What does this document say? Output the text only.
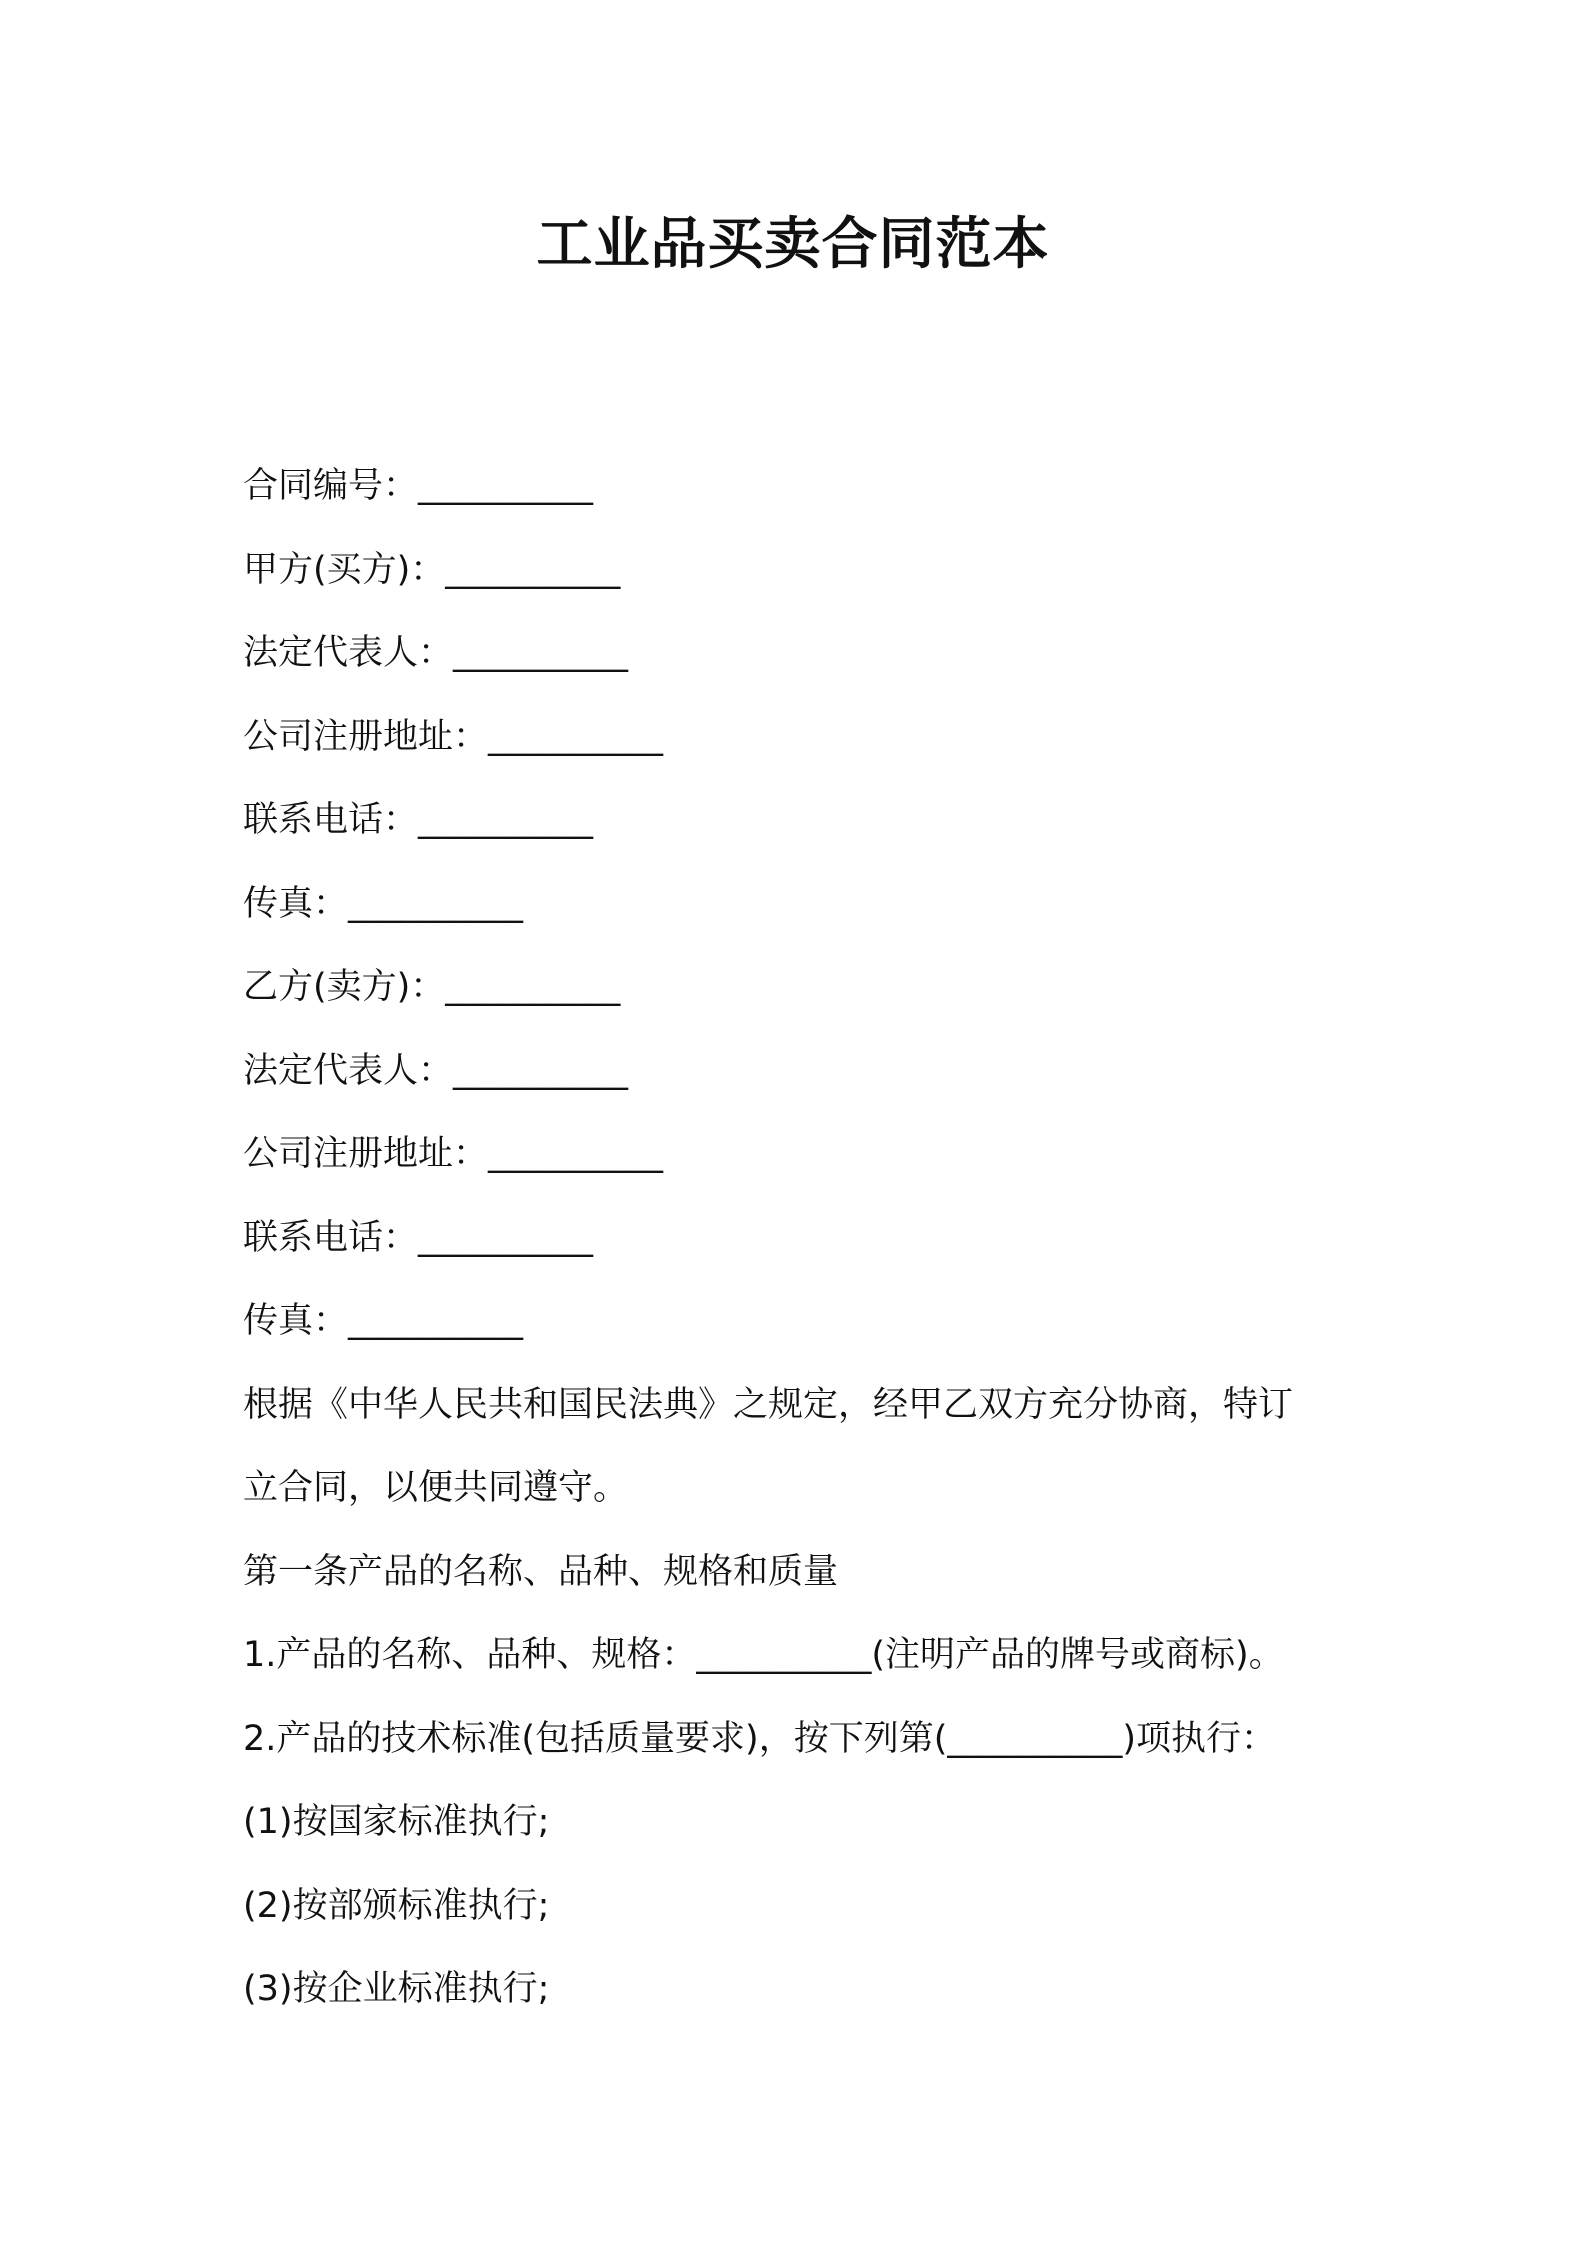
工业品买卖合同范本

合同编号：__________

甲方(买方)：__________

法定代表人：__________

公司注册地址：__________

联系电话：__________

传真：__________

乙方(卖方)：__________

法定代表人：__________

公司注册地址：__________

联系电话：__________

传真：__________

根据《中华人民共和国民法典》之规定，经甲乙双方充分协商，特订

立合同，以便共同遵守。

第一条产品的名称、品种、规格和质量

1.产品的名称、品种、规格：__________(注明产品的牌号或商标)。

2.产品的技术标准(包括质量要求)，按下列第(__________)项执行：

(1)按国家标准执行;

(2)按部颁标准执行;

(3)按企业标准执行;
